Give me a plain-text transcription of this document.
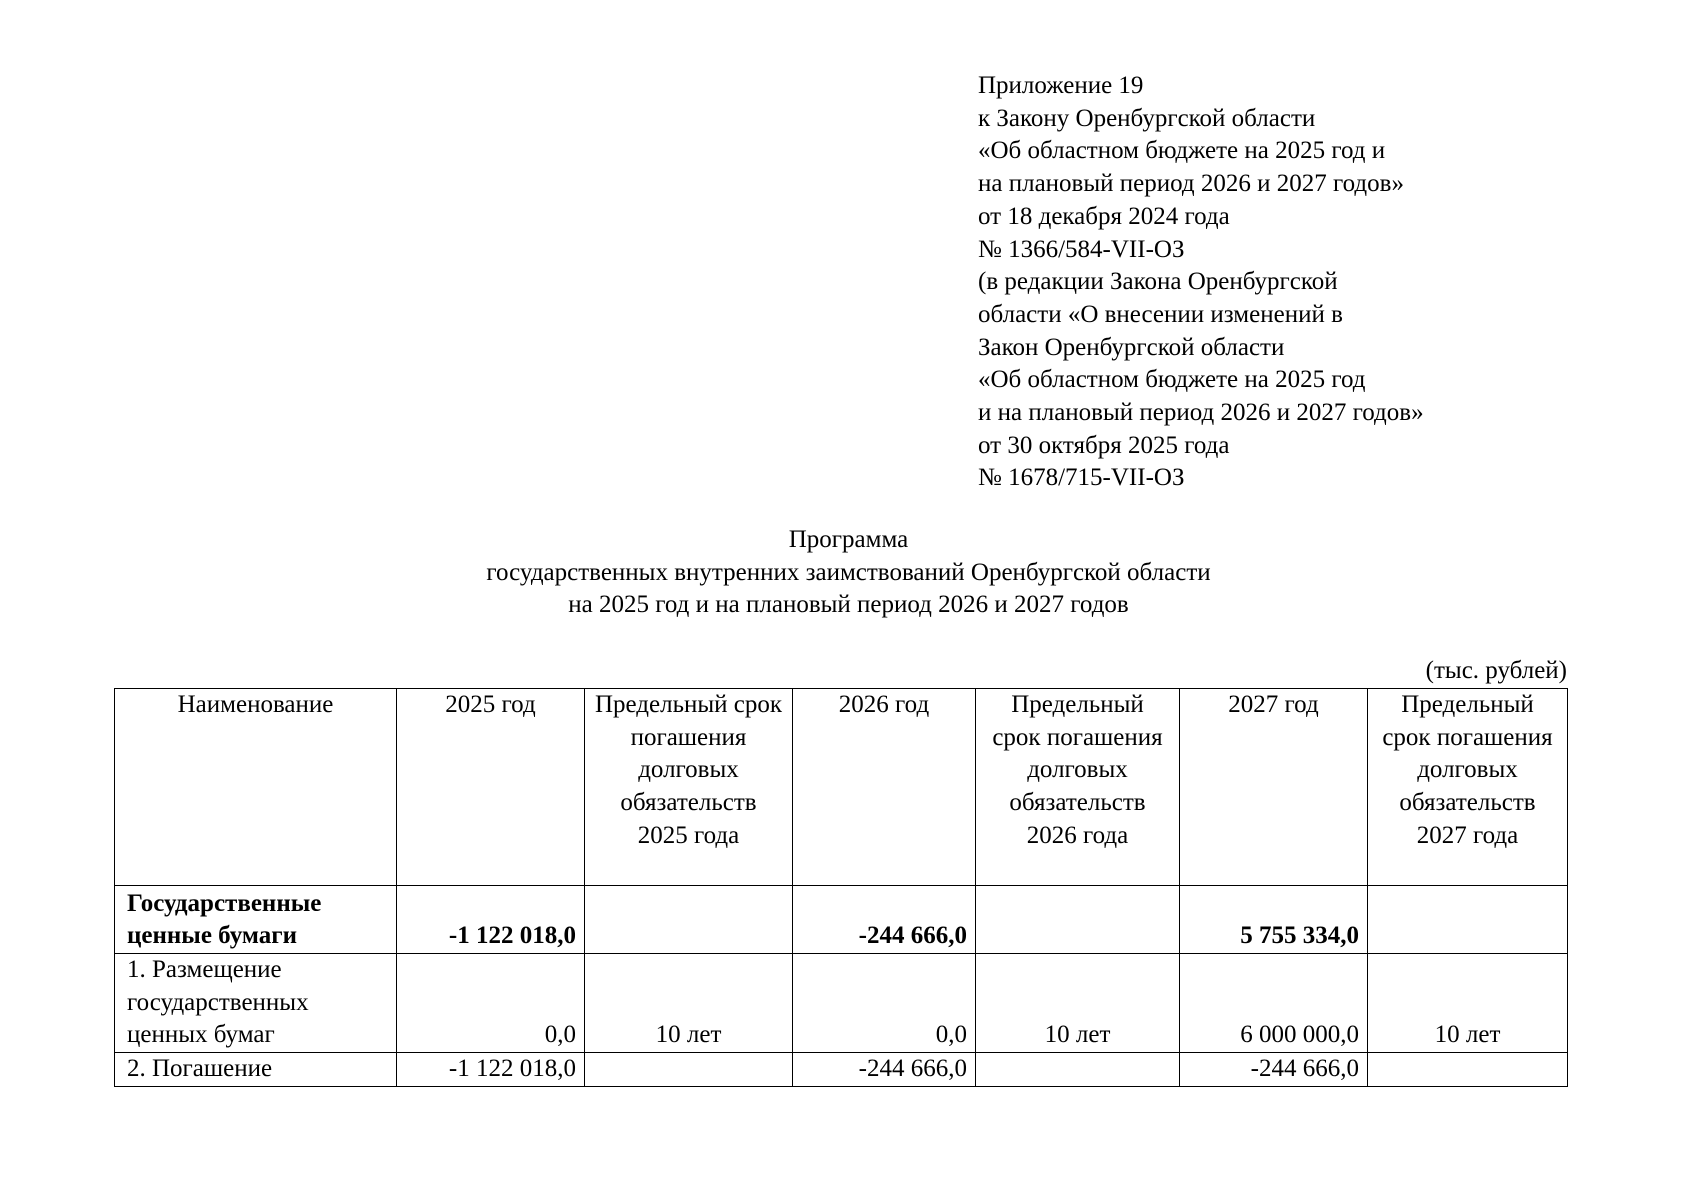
Приложение 19
к Закону Оренбургской области
«Об областном бюджете на 2025 год и
на плановый период 2026 и 2027 годов»
от 18 декабря 2024 года
№ 1366/584-VII-ОЗ
(в редакции Закона Оренбургской
области «О внесении изменений в
Закон Оренбургской области
«Об областном бюджете на 2025 год
и на плановый период 2026 и 2027 годов»
от 30 октября 2025 года
№ 1678/715-VII-ОЗ
Программа
государственных внутренних заимствований Оренбургской области
на 2025 год и на плановый период 2026 и 2027 годов
(тыс. рублей)
Наименование	2025 год	Предельный срок погашения долговых обязательств 2025 года	2026 год	Предельный срок погашения долговых обязательств 2026 года	2027 год	Предельный срок погашения долговых обязательств 2027 года
Государственные ценные бумаги	-1 122 018,0		-244 666,0		5 755 334,0	
1. Размещение государственных ценных бумаг	0,0	10 лет	0,0	10 лет	6 000 000,0	10 лет
2. Погашение	-1 122 018,0		-244 666,0		-244 666,0	
